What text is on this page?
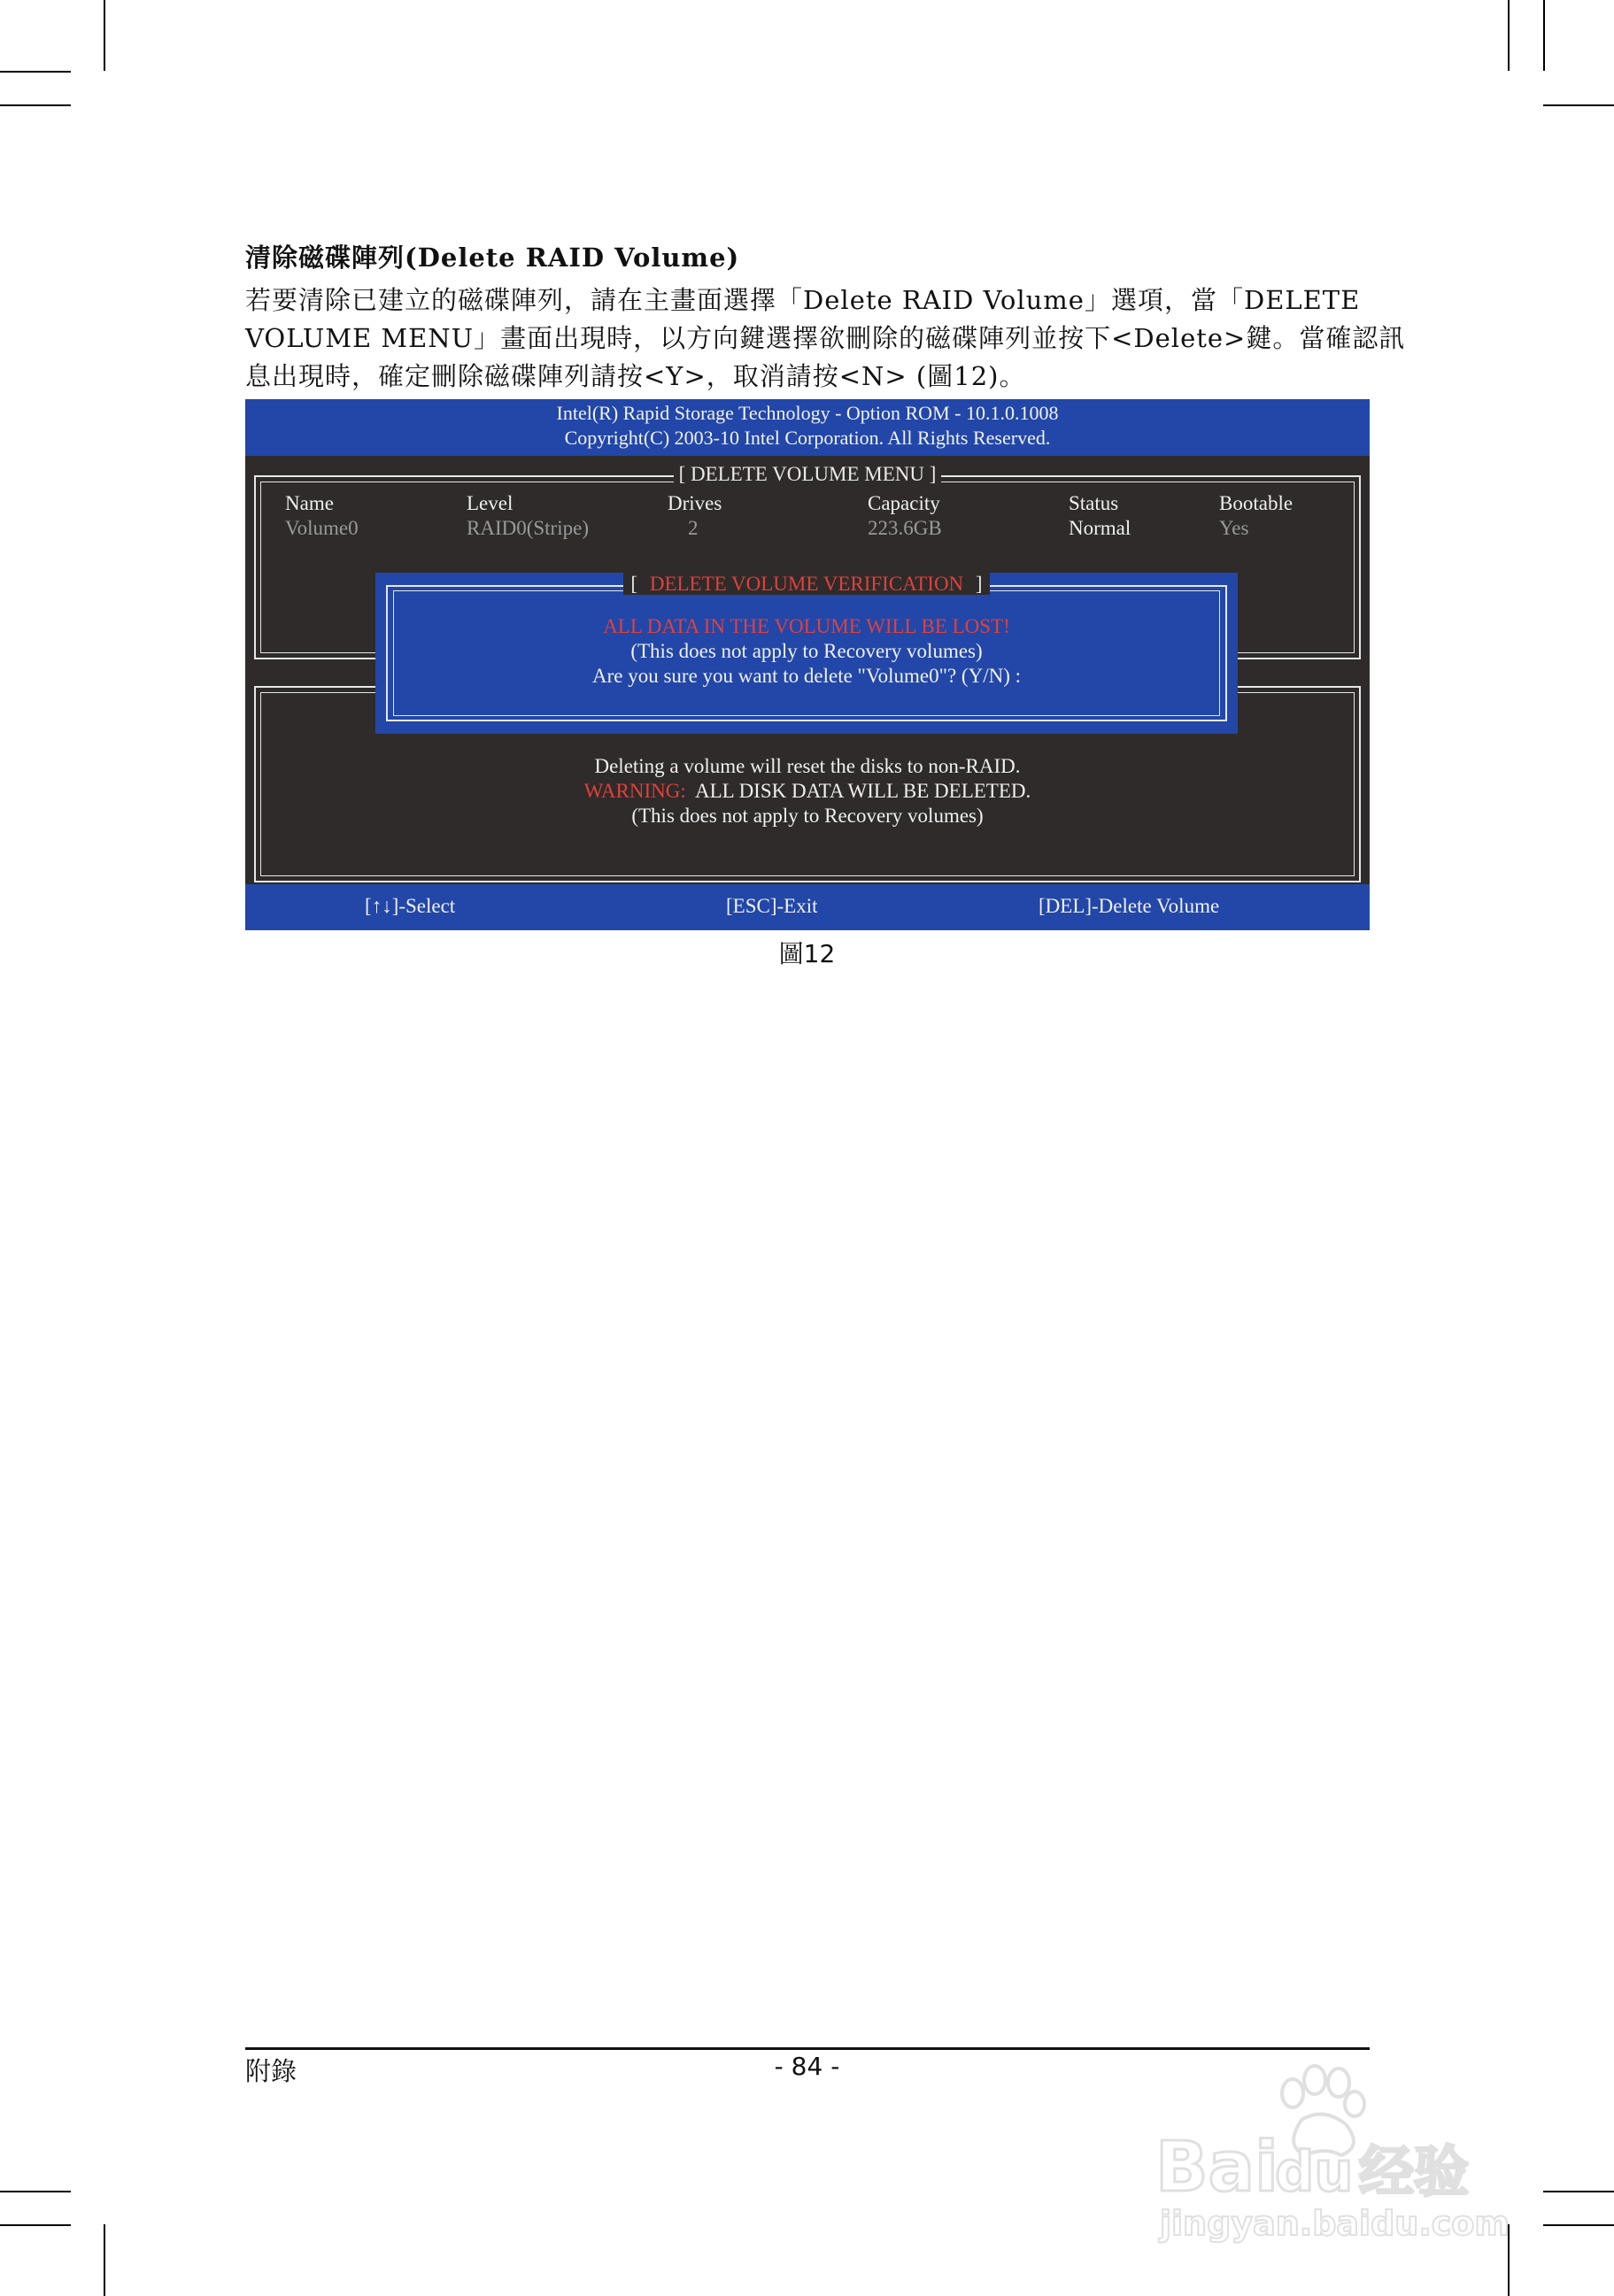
清除磁碟陣列(Delete RAID Volume)
若要清除已建立的磁碟陣列，請在主畫面選擇「Delete RAID Volume」選項，當「DELETE
VOLUME MENU」畫面出現時，以方向鍵選擇欲刪除的磁碟陣列並按下<Delete>鍵。當確認訊
息出現時，確定刪除磁碟陣列請按<Y>，取消請按<N> (圖12)。
Intel(R) Rapid Storage Technology - Option ROM - 10.1.0.1008
Copyright(C) 2003-10 Intel Corporation. All Rights Reserved.
[ DELETE VOLUME MENU ]
Name	Level	Drives	Capacity	Status	Bootable
Volume0	RAID0(Stripe)	2	223.6GB	Normal	Yes
Deleting a volume will reset the disks to non-RAID.
WARNING:  ALL DISK DATA WILL BE DELETED.
(This does not apply to Recovery volumes)
[ DELETE VOLUME VERIFICATION ]
ALL DATA IN THE VOLUME WILL BE LOST!
(This does not apply to Recovery volumes)
Are you sure you want to delete "Volume0"? (Y/N) :
[↑↓]-Select	[ESC]-Exit	[DEL]-Delete Volume
圖12
附錄	- 84 -
Bai
du 经验
jingyan.baidu.com
